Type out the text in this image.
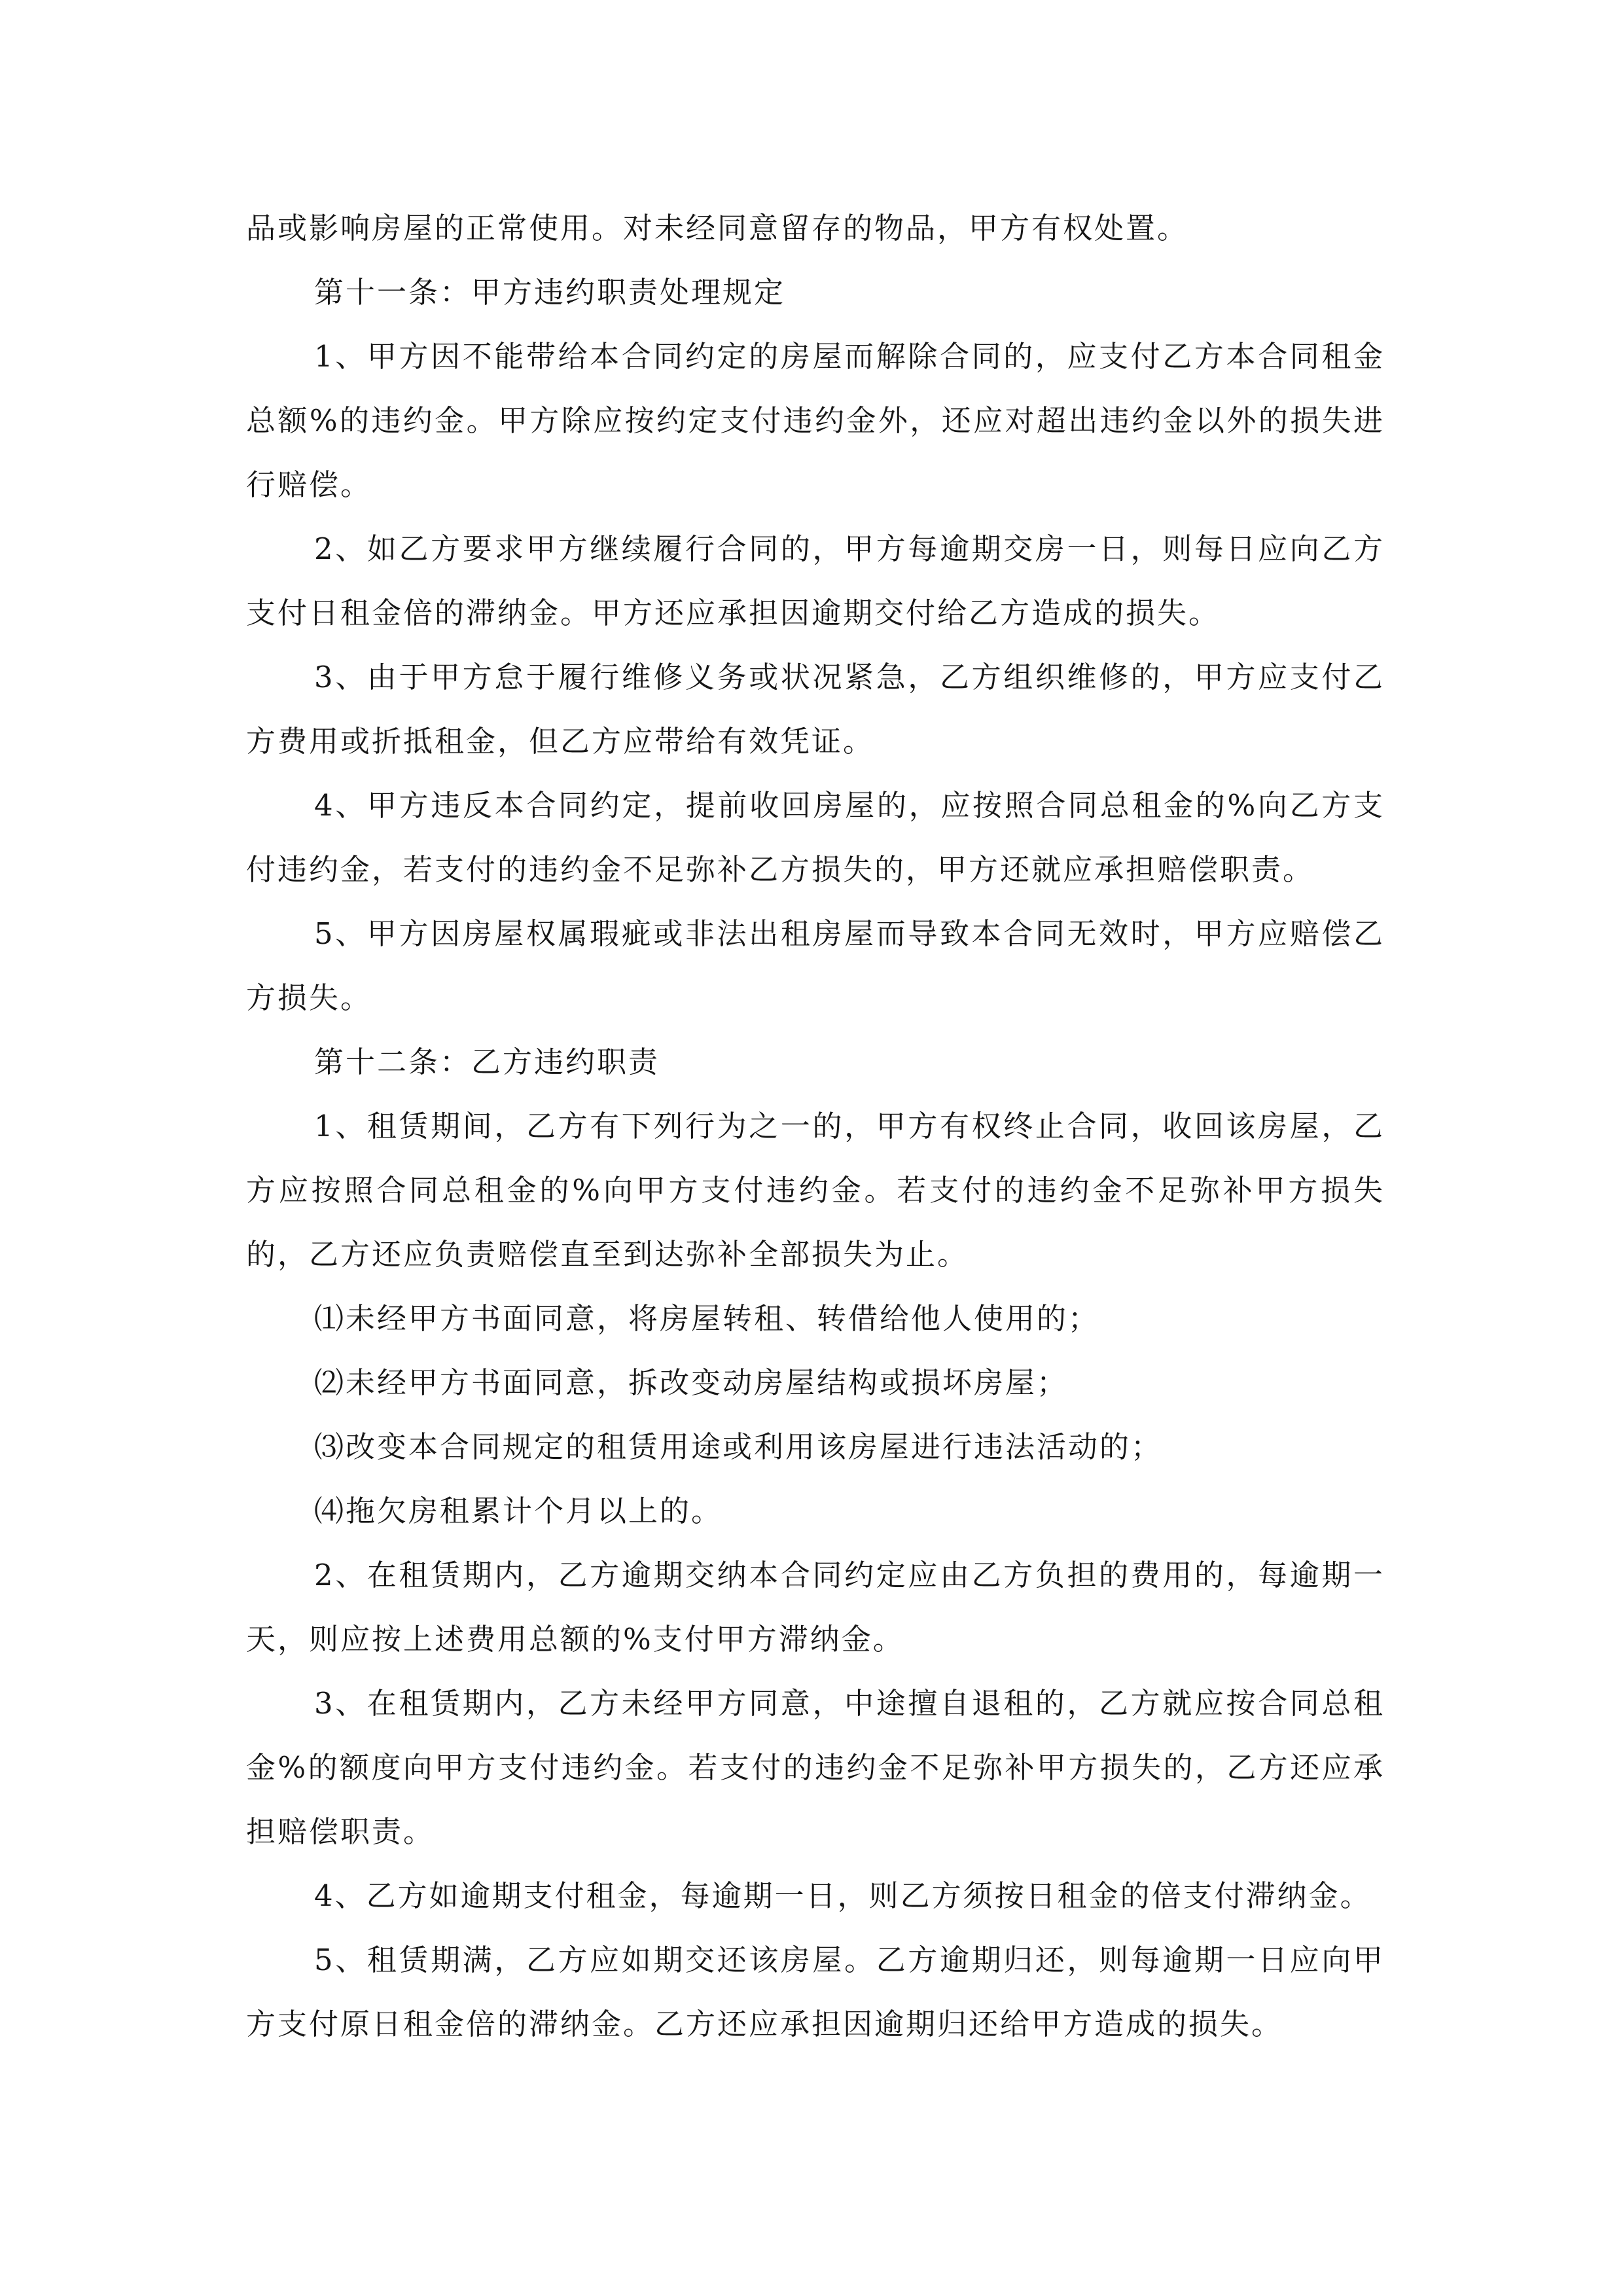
品或影响房屋的正常使用。对未经同意留存的物品，甲方有权处置。

第十一条：甲方违约职责处理规定

1、甲方因不能带给本合同约定的房屋而解除合同的，应支付乙方本合同租金总额%的违约金。甲方除应按约定支付违约金外，还应对超出违约金以外的损失进行赔偿。

2、如乙方要求甲方继续履行合同的，甲方每逾期交房一日，则每日应向乙方支付日租金倍的滞纳金。甲方还应承担因逾期交付给乙方造成的损失。

3、由于甲方怠于履行维修义务或状况紧急，乙方组织维修的，甲方应支付乙方费用或折抵租金，但乙方应带给有效凭证。

4、甲方违反本合同约定，提前收回房屋的，应按照合同总租金的%向乙方支付违约金，若支付的违约金不足弥补乙方损失的，甲方还就应承担赔偿职责。

5、甲方因房屋权属瑕疵或非法出租房屋而导致本合同无效时，甲方应赔偿乙方损失。

第十二条：乙方违约职责

1、租赁期间，乙方有下列行为之一的，甲方有权终止合同，收回该房屋，乙方应按照合同总租金的%向甲方支付违约金。若支付的违约金不足弥补甲方损失的，乙方还应负责赔偿直至到达弥补全部损失为止。

⑴未经甲方书面同意，将房屋转租、转借给他人使用的；

⑵未经甲方书面同意，拆改变动房屋结构或损坏房屋；

⑶改变本合同规定的租赁用途或利用该房屋进行违法活动的；

⑷拖欠房租累计个月以上的。

2、在租赁期内，乙方逾期交纳本合同约定应由乙方负担的费用的，每逾期一天，则应按上述费用总额的%支付甲方滞纳金。

3、在租赁期内，乙方未经甲方同意，中途擅自退租的，乙方就应按合同总租金%的额度向甲方支付违约金。若支付的违约金不足弥补甲方损失的，乙方还应承担赔偿职责。

4、乙方如逾期支付租金，每逾期一日，则乙方须按日租金的倍支付滞纳金。

5、租赁期满，乙方应如期交还该房屋。乙方逾期归还，则每逾期一日应向甲方支付原日租金倍的滞纳金。乙方还应承担因逾期归还给甲方造成的损失。
